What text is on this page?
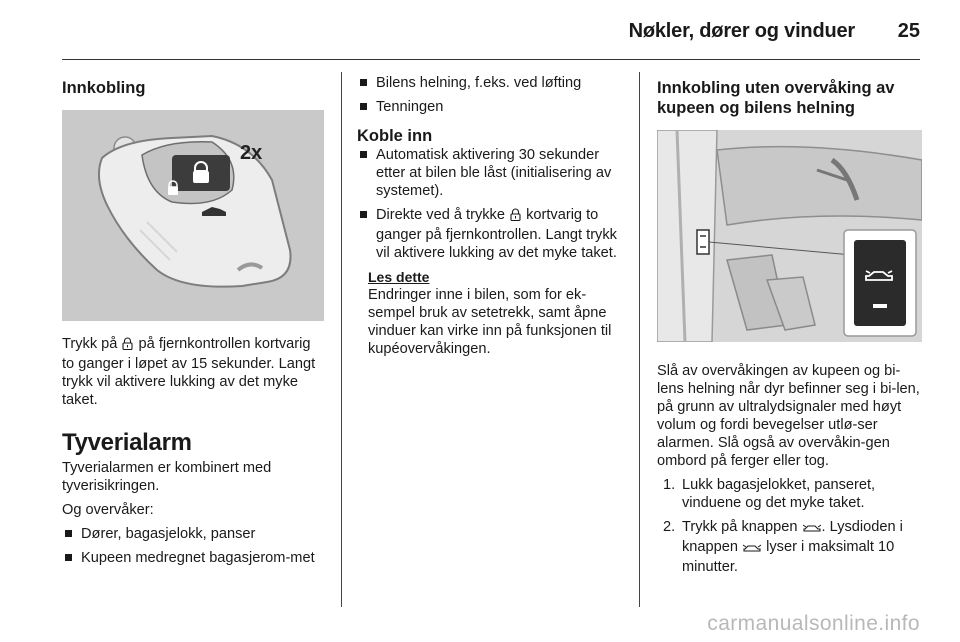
Nøkler, dører og vinduer 25
Innkobling
2x

Trykk på på fjernkontrollen kortvarig to ganger i løpet av 15 sekunder. Langt trykk vil aktivere lukking av det myke taket.

Tyverialarm

Tyverialarmen er kombinert med tyverisikringen.

Og overvåker:

Dører, bagasjelokk, panser
Kupeen medregnet bagasjerom-met
Bilens helning, f.eks. ved løfting
Tenningen
Koble inn
Automatisk aktivering 30 sekunder etter at bilen ble låst (initialisering av systemet).
Direkte ved å trykke kortvarig to ganger på fjernkontrollen. Langt trykk vil aktivere lukking av det myke taket.
Les dette

Endringer inne i bilen, som for ek-sempel bruk av setetrekk, samt åpne vinduer kan virke inn på funksjonen til kupéovervåkingen.

Innkobling uten overvåking av kupeen og bilens helning

Slå av overvåkingen av kupeen og bi-lens helning når dyr befinner seg i bi-len, på grunn av ultralydsignaler med høyt volum og fordi bevegelser utlø-ser alarmen. Slå også av overvåkin-gen ombord på ferger eller tog.

1. Lukk bagasjelokket, panseret, vinduene og det myke taket.
2. Trykk på knappen . Lysdioden i knappen lyser i maksimalt 10 minutter.
carmanualsonline.info
